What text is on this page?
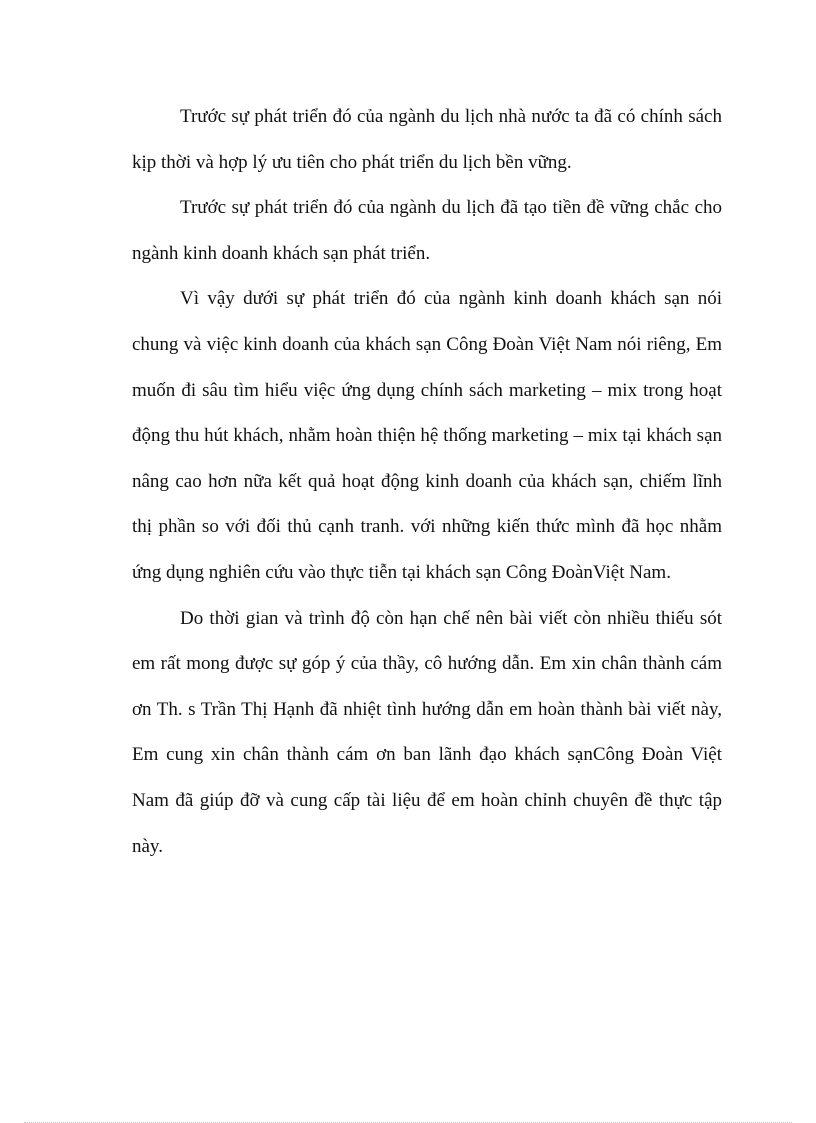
Trước sự phát triển đó của ngành du lịch nhà nước ta đã có chính sách kịp thời và hợp lý ưu tiên cho phát triển du lịch bền vững.

Trước sự phát triển đó của ngành du lịch đã tạo tiền đề vững chắc cho ngành kinh doanh khách sạn phát triển.

Vì vậy dưới sự phát triển đó của ngành kinh doanh khách sạn nói chung và việc kinh doanh của khách sạn Công Đoàn Việt Nam nói riêng, Em muốn đi sâu tìm hiểu việc ứng dụng chính sách marketing – mix trong hoạt động thu hút khách, nhằm hoàn thiện hệ thống marketing – mix tại khách sạn nâng cao hơn nữa kết quả hoạt động kinh doanh của khách sạn, chiếm lĩnh thị phần so với đối thủ cạnh tranh. với những kiến thức mình đã học nhằm ứng dụng nghiên cứu vào thực tiễn tại khách sạn Công ĐoànViệt Nam.

Do thời gian và trình độ còn hạn chế nên bài viết còn nhiều thiếu sót em rất mong được sự góp ý của thầy, cô hướng dẫn. Em xin chân thành cám ơn Th. s Trần Thị Hạnh đã nhiệt tình hướng dẫn em hoàn thành bài viết này, Em cung xin chân thành cám ơn ban lãnh đạo khách sạnCông Đoàn Việt Nam đã giúp đỡ và cung cấp tài liệu để em hoàn chỉnh chuyên đề thực tập này.
